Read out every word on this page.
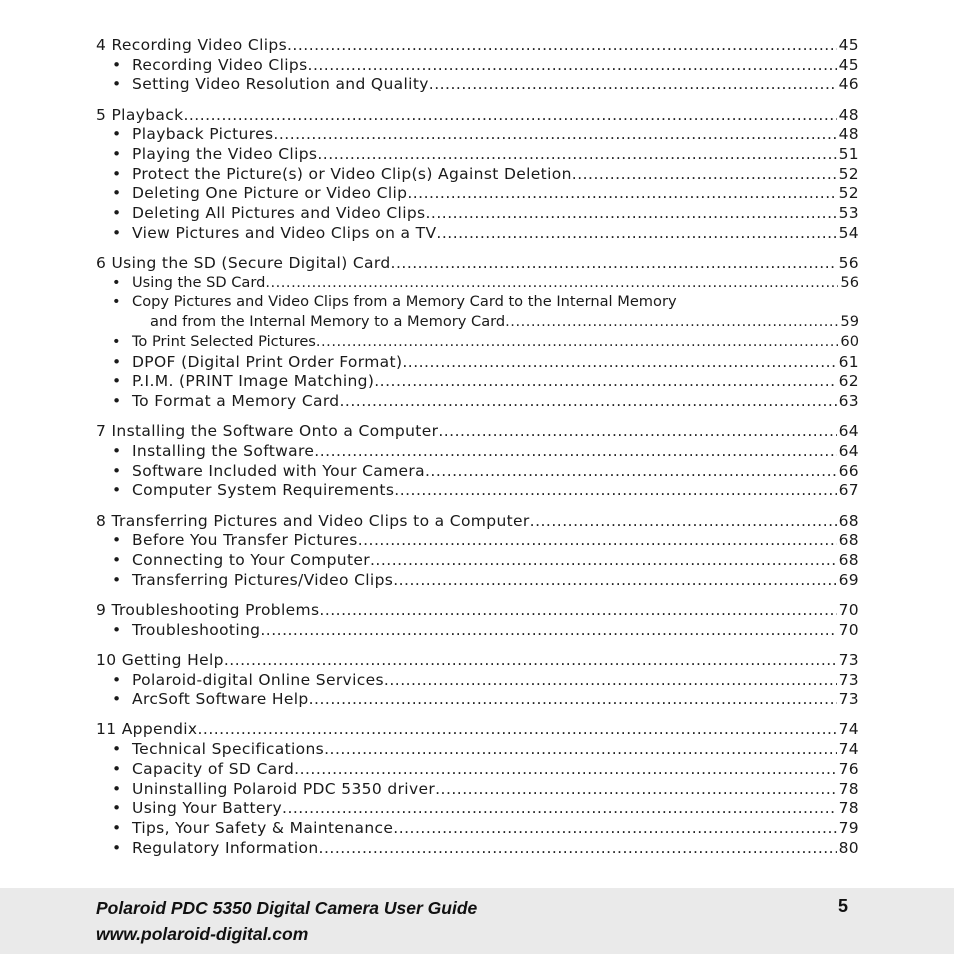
4 Recording Video Clips .....	45
• Recording Video Clips .....	45
• Setting Video Resolution and Quality .....	46
5 Playback .....	48
• Playback Pictures .....	48
• Playing the Video Clips .....	51
• Protect the Picture(s) or Video Clip(s) Against Deletion .....	52
• Deleting One Picture or Video Clip .....	52
• Deleting All Pictures and Video Clips .....	53
• View Pictures and Video Clips on a TV .....	54
6 Using the SD (Secure Digital) Card .....	56
• Using the SD Card .....	56
• Copy Pictures and Video Clips from a Memory Card to the Internal Memory
and from the Internal Memory to a Memory Card .....	59
• To Print Selected Pictures .....	60
• DPOF (Digital Print Order Format) .....	61
• P.I.M. (PRINT Image Matching) .....	62
• To Format a Memory Card .....	63
7 Installing the Software Onto a Computer .....	64
• Installing the Software .....	64
• Software Included with Your Camera .....	66
• Computer System Requirements .....	67
8 Transferring Pictures and Video Clips to a Computer .....	68
• Before You Transfer Pictures .....	68
• Connecting to Your Computer .....	68
• Transferring Pictures/Video Clips .....	69
9 Troubleshooting Problems .....	70
• Troubleshooting .....	70
10 Getting Help .....	73
• Polaroid-digital Online Services .....	73
• ArcSoft Software Help .....	73
11 Appendix .....	74
• Technical Specifications .....	74
• Capacity of SD Card .....	76
• Uninstalling Polaroid PDC 5350 driver .....	78
• Using Your Battery .....	78
• Tips, Your Safety & Maintenance .....	79
• Regulatory Information .....	80
Polaroid PDC 5350 Digital Camera User Guide
www.polaroid-digital.com
5
